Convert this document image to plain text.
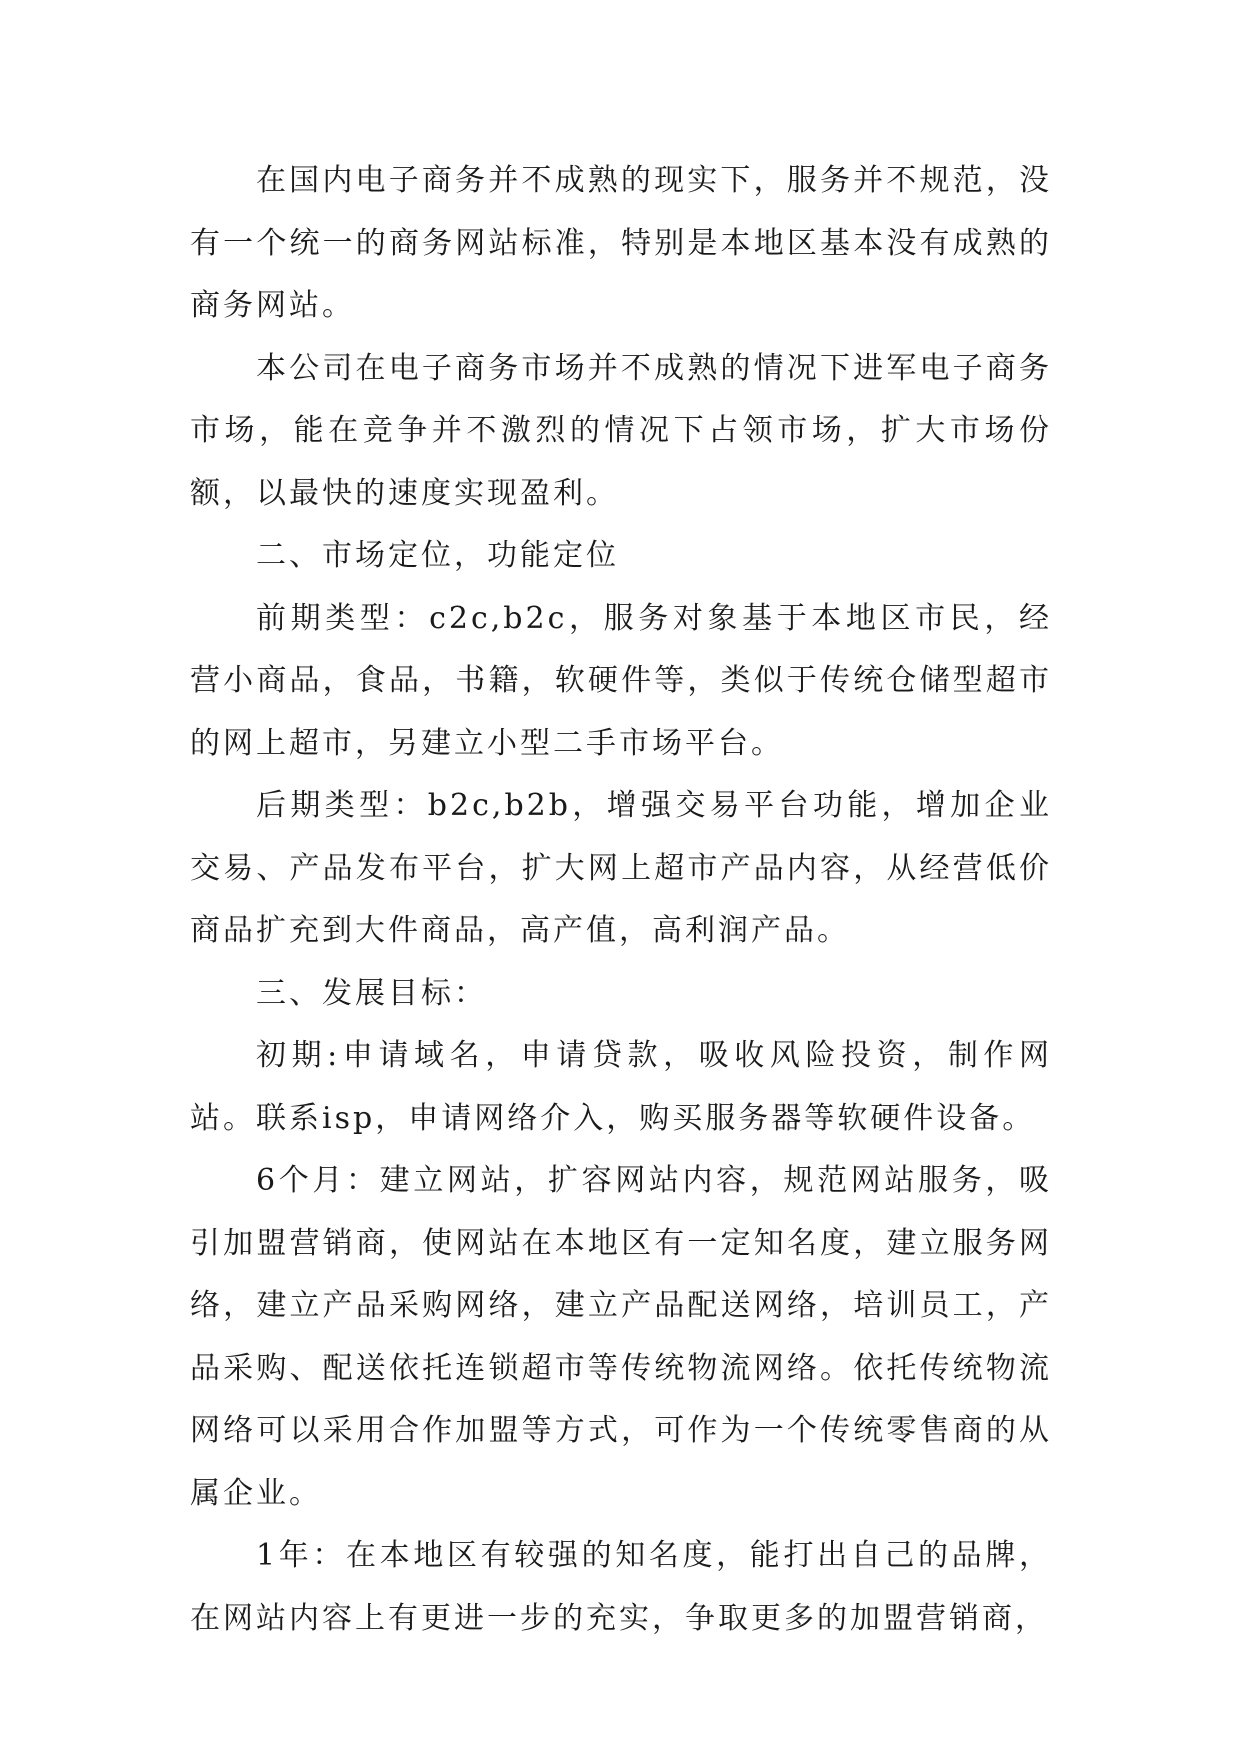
在国内电子商务并不成熟的现实下，服务并不规范，没有一个统一的商务网站标准，特别是本地区基本没有成熟的商务网站。

本公司在电子商务市场并不成熟的情况下进军电子商务市场，能在竞争并不激烈的情况下占领市场，扩大市场份额，以最快的速度实现盈利。

二、市场定位，功能定位

前期类型：c2c,b2c，服务对象基于本地区市民，经营小商品，食品，书籍，软硬件等，类似于传统仓储型超市的网上超市，另建立小型二手市场平台。

后期类型：b2c,b2b，增强交易平台功能，增加企业交易、产品发布平台，扩大网上超市产品内容，从经营低价商品扩充到大件商品，高产值，高利润产品。

三、发展目标：

初期:申请域名，申请贷款，吸收风险投资，制作网站。联系isp，申请网络介入，购买服务器等软硬件设备。

6个月：建立网站，扩容网站内容，规范网站服务，吸引加盟营销商，使网站在本地区有一定知名度，建立服务网络，建立产品采购网络，建立产品配送网络，培训员工，产品采购、配送依托连锁超市等传统物流网络。依托传统物流网络可以采用合作加盟等方式，可作为一个传统零售商的从属企业。

1年：在本地区有较强的知名度，能打出自己的品牌，在网站内容上有更进一步的充实，争取更多的加盟营销商，
